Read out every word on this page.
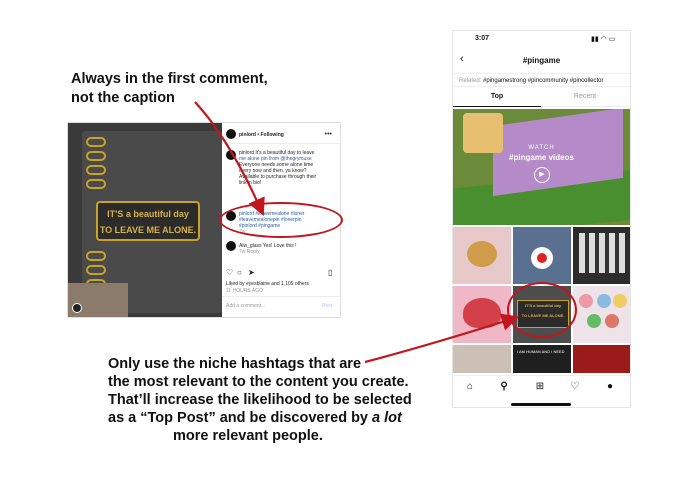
Always in the first comment,
not the caption
IT'S a beautiful day
TO LEAVE ME ALONE.
pinlord • Following	•••
pinlord It's a beautiful day to leave
me alone pin from @thegrymuse
Everyone needs some alone time
every now and then, ya know?
Available to purchase through their
link in bio!
pinlord #leavemealone #loner
#leavemealonepin #lonerpin
#pinlord #pingame
7w
Alw_glass Yes! Love this !
7w Reply
♡ ○ ➤	▯
Liked by eyesblaine and 1,109 others
11 HOURS AGO
Add a comment...	Post
3:07	▮▮ ◠ ▭
‹	#pingame
Related: #pingamestrong #pincommunity #pincollector
Top	Recent
WATCH
#pingame videos
▶
IT'S a beautiful day
TO LEAVE ME ALONE.
I AM HUMAN AND I NEED
⌂	⚲	⊞	♡	●
Only use the niche hashtags that are
the most relevant to the content you create.
That’ll increase the likelihood to be selected
as a “Top Post” and be discovered by a lot
more relevant people.
